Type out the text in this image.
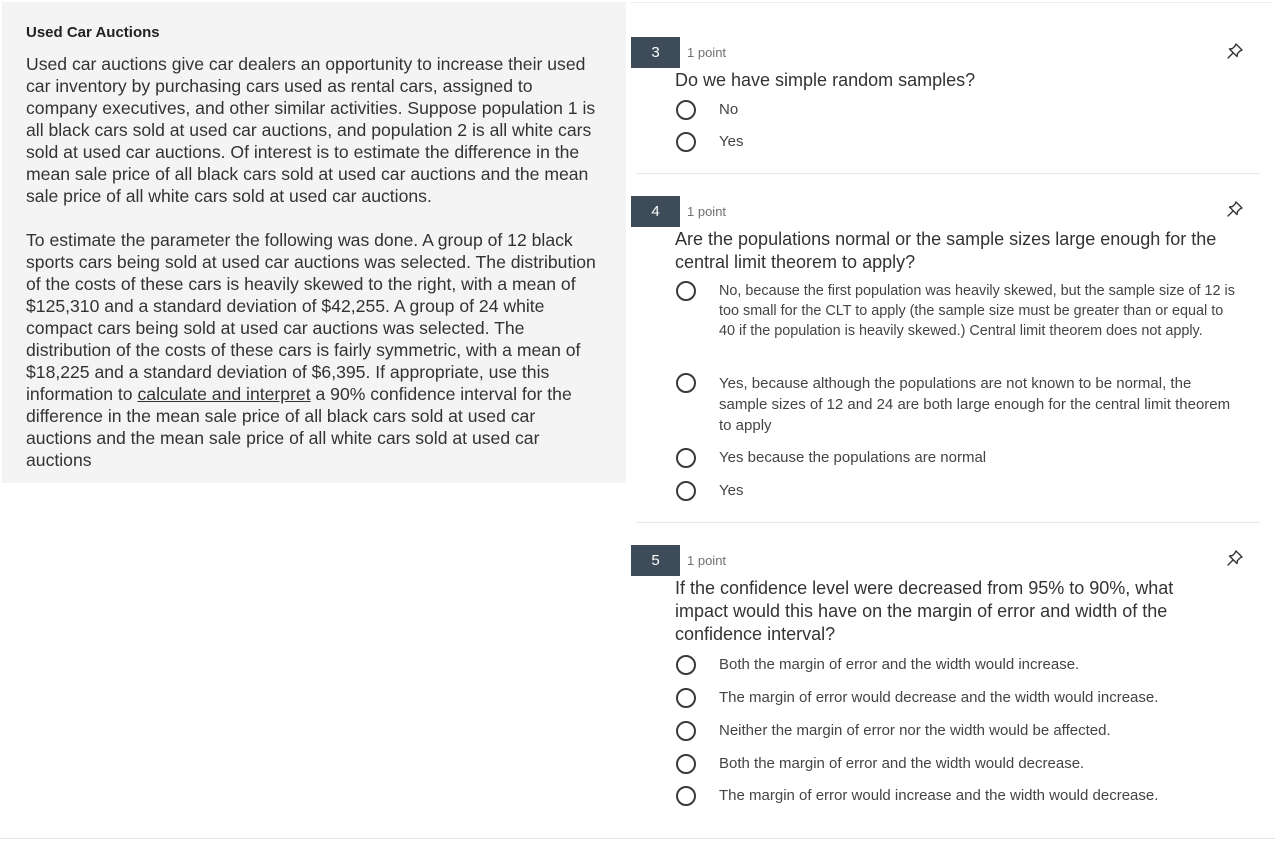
Used Car Auctions

Used car auctions give car dealers an opportunity to increase their used car inventory by purchasing cars used as rental cars, assigned to company executives, and other similar activities. Suppose population 1 is all black cars sold at used car auctions, and population 2 is all white cars sold at used car auctions. Of interest is to estimate the difference in the mean sale price of all black cars sold at used car auctions and the mean sale price of all white cars sold at used car auctions.

To estimate the parameter the following was done. A group of 12 black sports cars being sold at used car auctions was selected. The distribution of the costs of these cars is heavily skewed to the right, with a mean of $125,310 and a standard deviation of $42,255. A group of 24 white compact cars being sold at used car auctions was selected. The distribution of the costs of these cars is fairly symmetric, with a mean of $18,225 and a standard deviation of $6,395. If appropriate, use this information to calculate and interpret a 90% confidence interval for the difference in the mean sale price of all black cars sold at used car auctions and the mean sale price of all white cars sold at used car auctions

3	1 point
Do we have simple random samples?
No
Yes
4	1 point
Are the populations normal or the sample sizes large enough for the central limit theorem to apply?
No, because the first population was heavily skewed, but the sample size of 12 is too small for the CLT to apply (the sample size must be greater than or equal to 40 if the population is heavily skewed.) Central limit theorem does not apply.
Yes, because although the populations are not known to be normal, the sample sizes of 12 and 24 are both large enough for the central limit theorem to apply
Yes because the populations are normal
Yes
5	1 point
If the confidence level were decreased from 95% to 90%, what impact would this have on the margin of error and width of the confidence interval?
Both the margin of error and the width would increase.
The margin of error would decrease and the width would increase.
Neither the margin of error nor the width would be affected.
Both the margin of error and the width would decrease.
The margin of error would increase and the width would decrease.
